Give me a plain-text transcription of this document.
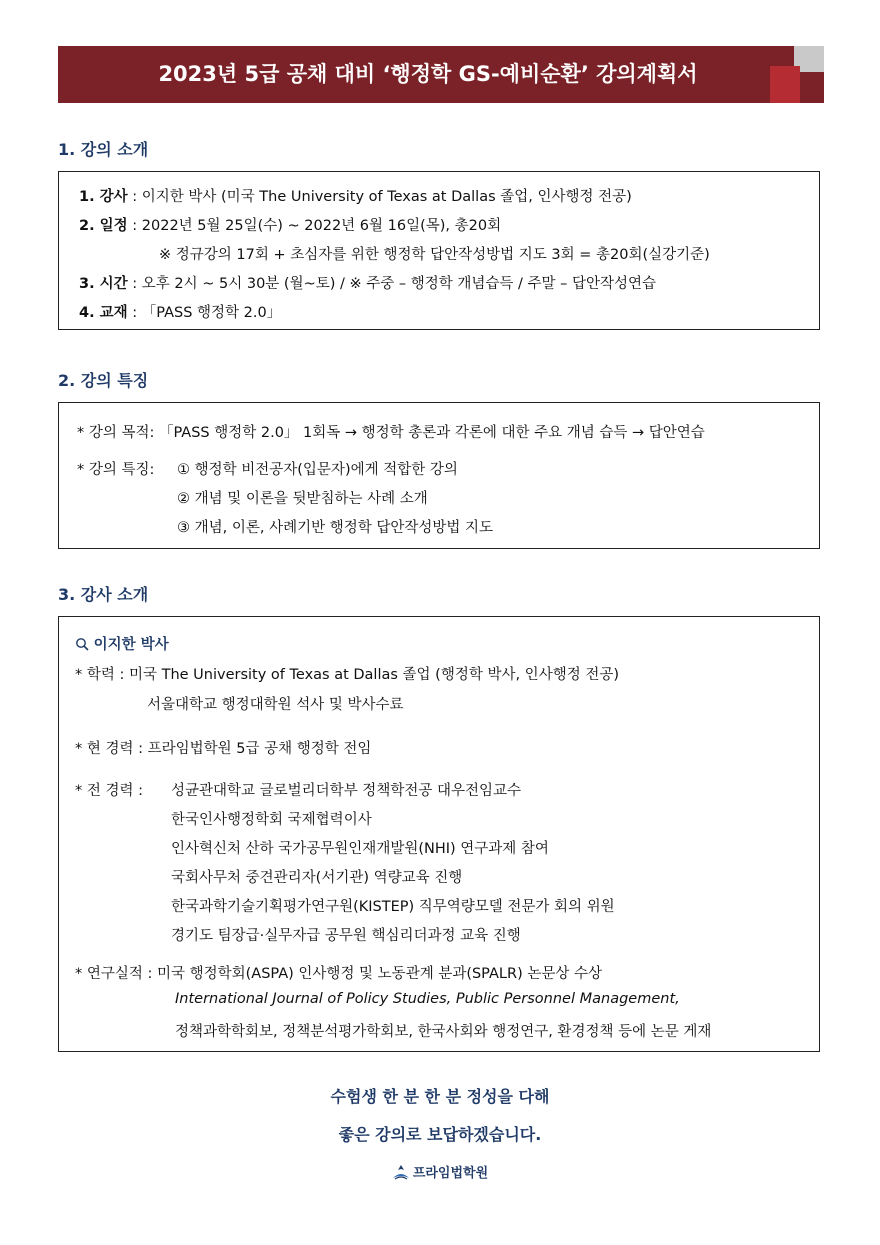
2023년 5급 공채 대비 ‘행정학 GS-예비순환’ 강의계획서
1. 강의 소개
1. 강사 : 이지한 박사 (미국 The University of Texas at Dallas 졸업, 인사행정 전공)
2. 일정 : 2022년 5월 25일(수) ~ 2022년 6월 16일(목), 총20회
※ 정규강의 17회 + 초심자를 위한 행정학 답안작성방법 지도 3회 = 총20회(실강기준)
3. 시간 : 오후 2시 ~ 5시 30분 (월~토) / ※ 주중 – 행정학 개념습득 / 주말 – 답안작성연습
4. 교재 : 「PASS 행정학 2.0」
2. 강의 특징
* 강의 목적: 「PASS 행정학 2.0」 1회독 → 행정학 총론과 각론에 대한 주요 개념 습득 → 답안연습
* 강의 특징: ① 행정학 비전공자(입문자)에게 적합한 강의
② 개념 및 이론을 뒷받침하는 사례 소개
③ 개념, 이론, 사례기반 행정학 답안작성방법 지도
3. 강사 소개
이지한 박사
* 학력 : 미국 The University of Texas at Dallas 졸업 (행정학 박사, 인사행정 전공)
서울대학교 행정대학원 석사 및 박사수료
* 현 경력 : 프라임법학원 5급 공채 행정학 전임
* 전 경력 : 성균관대학교 글로벌리더학부 정책학전공 대우전임교수
한국인사행정학회 국제협력이사
인사혁신처 산하 국가공무원인재개발원(NHI) 연구과제 참여
국회사무처 중견관리자(서기관) 역량교육 진행
한국과학기술기획평가연구원(KISTEP) 직무역량모델 전문가 회의 위원
경기도 팀장급·실무자급 공무원 핵심리더과정 교육 진행
* 연구실적 : 미국 행정학회(ASPA) 인사행정 및 노동관계 분과(SPALR) 논문상 수상
International Journal of Policy Studies, Public Personnel Management,
정책과학학회보, 정책분석평가학회보, 한국사회와 행정연구, 환경정책 등에 논문 게재
수험생 한 분 한 분 정성을 다해
좋은 강의로 보답하겠습니다.
프라임법학원
